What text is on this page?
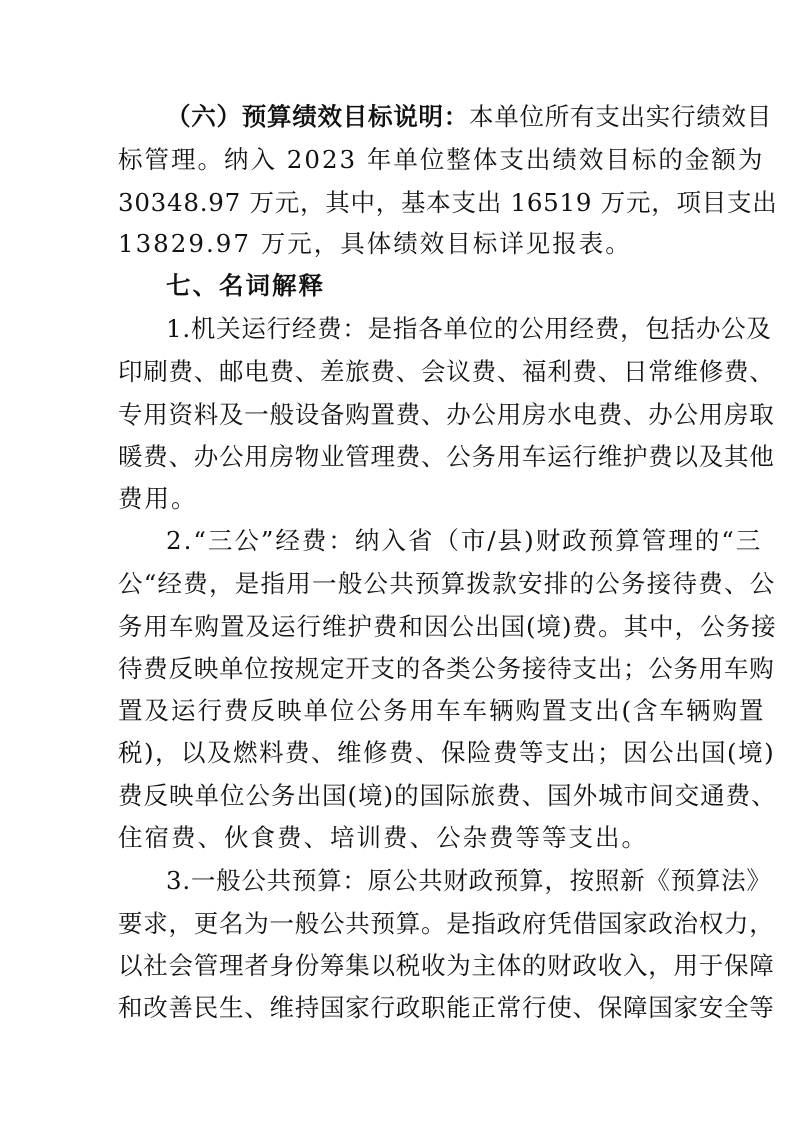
（六）预算绩效目标说明：本单位所有支出实行绩效目
标管理。纳入 2023 年单位整体支出绩效目标的金额为
30348.97 万元，其中，基本支出 16519 万元，项目支出
13829.97 万元，具体绩效目标详见报表。
七、名词解释
1.机关运行经费：是指各单位的公用经费，包括办公及
印刷费、邮电费、差旅费、会议费、福利费、日常维修费、
专用资料及一般设备购置费、办公用房水电费、办公用房取
暖费、办公用房物业管理费、公务用车运行维护费以及其他
费用。
2.“三公”经费：纳入省（市/县)财政预算管理的“三
公“经费，是指用一般公共预算拨款安排的公务接待费、公
务用车购置及运行维护费和因公出国(境)费。其中，公务接
待费反映单位按规定开支的各类公务接待支出；公务用车购
置及运行费反映单位公务用车车辆购置支出(含车辆购置
税)，以及燃料费、维修费、保险费等支出；因公出国(境)
费反映单位公务出国(境)的国际旅费、国外城市间交通费、
住宿费、伙食费、培训费、公杂费等等支出。
3.一般公共预算：原公共财政预算，按照新《预算法》
要求，更名为一般公共预算。是指政府凭借国家政治权力，
以社会管理者身份筹集以税收为主体的财政收入，用于保障
和改善民生、维持国家行政职能正常行使、保障国家安全等
